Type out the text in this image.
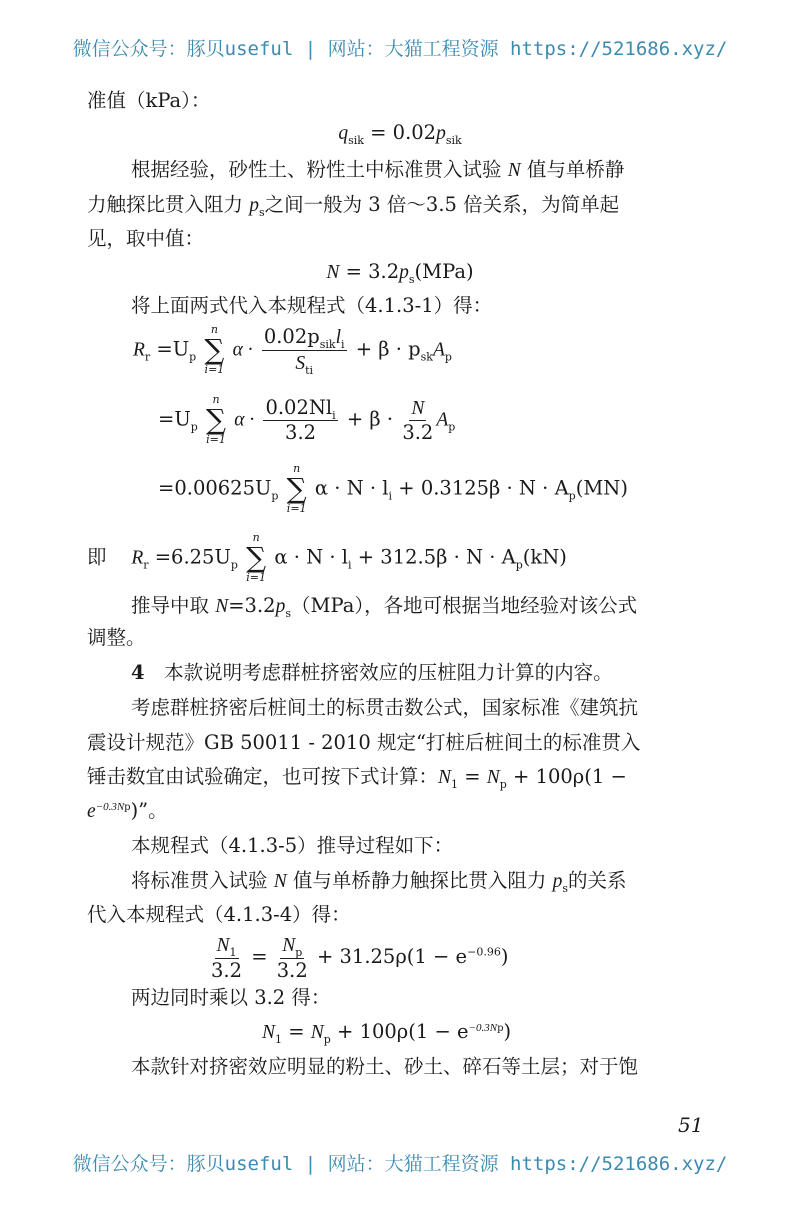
微信公众号：豚贝useful | 网站：大猫工程资源 https://521686.xyz/
准值（kPa）：
$q_{sik} = 0.02p_{sik}$
根据经验，砂性土、粉性土中标准贯入试验 N 值与单桥静
力触探比贯入阻力 $p_s$之间一般为 3 倍～3.5 倍关系，为简单起
见，取中值：
$N = 3.2p_s(MPa)$
将上面两式代入本规程式（4.1.3-1）得：
$R_r =U_p$
n
∑
i=1
$\alpha \cdot \frac{0.02p_{sik}l_i}{S_{ti}} + \beta \cdot p_{sk}A_p$
$=U_p$
n
∑
i=1
$\alpha \cdot \frac{0.02Nl_i}{3.2} + \beta \cdot \frac{N}{3.2} A_p$
$=0.00625U_p$
n
∑
i=1
$\alpha \cdot N \cdot l_i + 0.3125\beta \cdot N \cdot A_p(MN)$
即 $R_r =6.25U_p$
n
∑
i=1
$\alpha \cdot N \cdot l_i + 312.5\beta \cdot N \cdot A_p(kN)$
推导中取 $N=3.2p_s(MPa)$，各地可根据当地经验对该公式
调整。
4　本款说明考虑群桩挤密效应的压桩阻力计算的内容。
考虑群桩挤密后桩间土的标贯击数公式，国家标准《建筑抗
震设计规范》GB 50011 - 2010 规定“打桩后桩间土的标准贯入
锤击数宜由试验确定，也可按下式计算：$N_1 = N_p + 100\rho(1$ −
$e^{-0.3Np}$)”。
本规程式（4.1.3-5）推导过程如下：
将标准贯入试验 N 值与单桥静力触探比贯入阻力 $p_s$的关系
代入本规程式（4.1.3-4）得：
$\frac{N_1}{3.2} = \frac{N_p}{3.2} + 31.25\rho(1 - e^{-0.96})$
两边同时乘以 3.2 得：
$N_1 = N_p + 100\rho(1 - e^{-0.3Np})$
本款针对挤密效应明显的粉土、砂土、碎石等土层；对于饱
51
微信公众号：豚贝useful | 网站：大猫工程资源 https://521686.xyz/
